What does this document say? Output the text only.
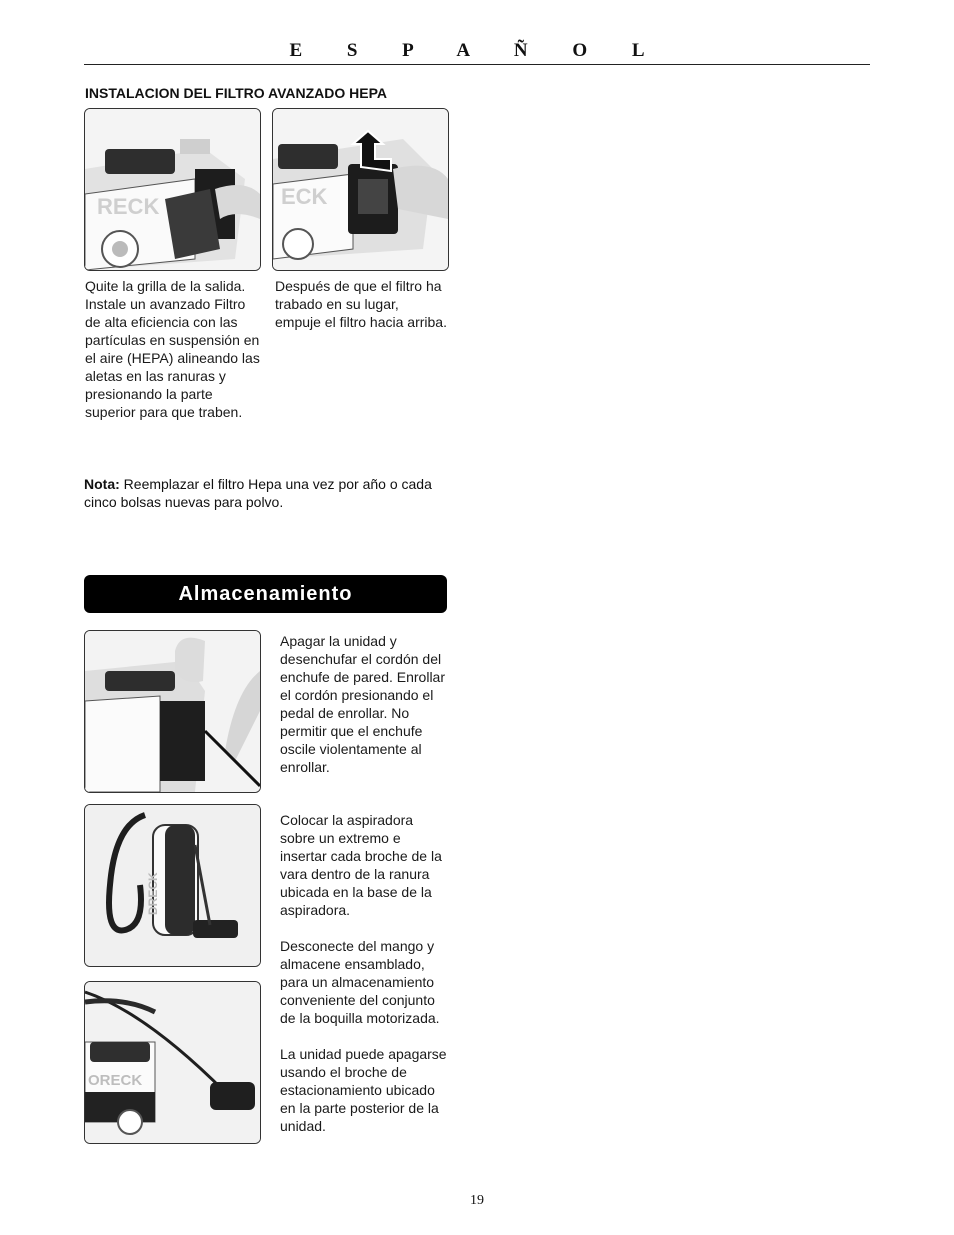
E S P A Ñ O L
INSTALACION DEL FILTRO AVANZADO HEPA
RECK	ECK
Quite la grilla de la salida. Instale un avanzado Filtro de alta eficiencia con las partículas en suspensión en el aire (HEPA) alineando las aletas en las ranuras y presionando la parte superior para que traben.
Después de que el filtro ha trabado en su lugar, empuje el filtro hacia arriba.
Nota: Reemplazar el filtro Hepa una vez por año o cada cinco bolsas nuevas para polvo.
Almacenamiento
DRECK
ORECK
Apagar la unidad y desenchufar el cordón del enchufe de pared. Enrollar el cordón presionando el pedal de enrollar. No permitir que el enchufe oscile violentamente al enrollar.

Colocar la aspiradora sobre un extremo e insertar cada broche de la vara dentro de la ranura ubicada en la base de la aspiradora.

Desconecte del mango y almacene ensamblado, para un almacenamiento conveniente del conjunto de la boquilla motorizada.

La unidad puede apagarse usando el broche de estacionamiento ubicado en la parte posterior de la unidad.

19
